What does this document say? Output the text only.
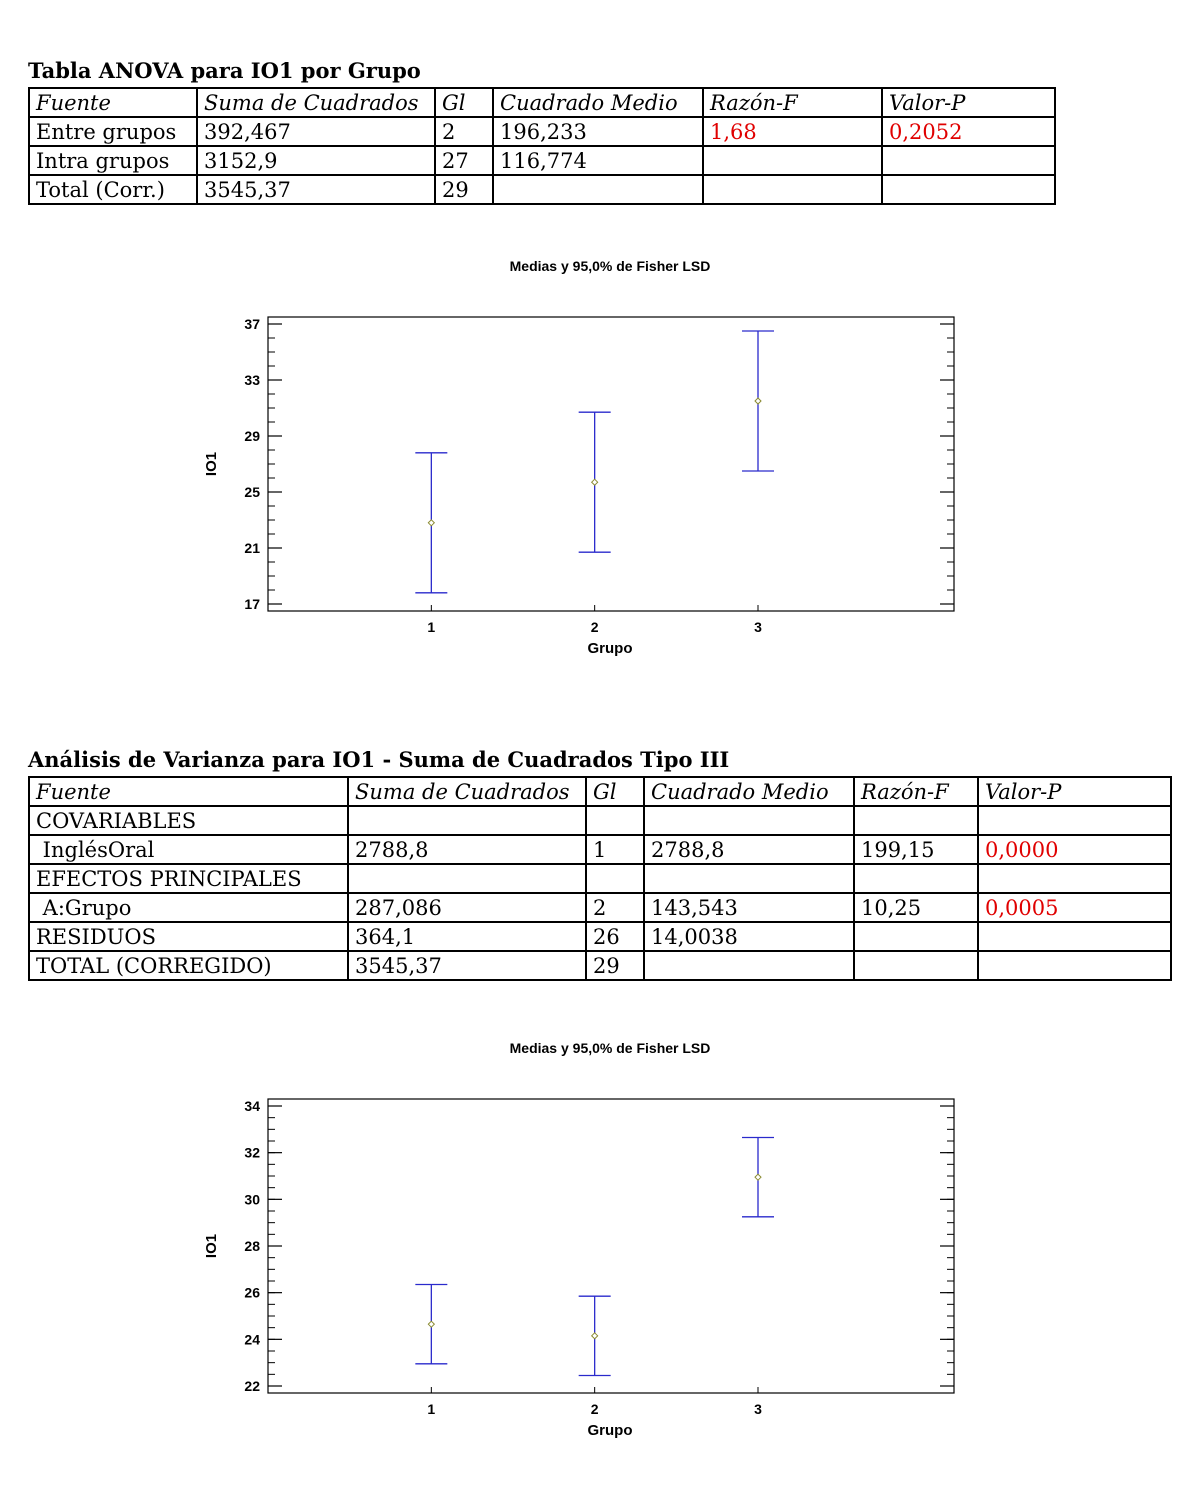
Tabla ANOVA para IO1 por Grupo
Fuente	Suma de Cuadrados	Gl	Cuadrado Medio	Razón-F	Valor-P
Entre grupos	392,467	2	196,233	1,68	0,2052
Intra grupos	3152,9	27	116,774		
Total (Corr.)	3545,37	29			
Medias y 95,0% de Fisher LSD
17
21
25
29
33
37
1	2	3
Grupo
IO1
Análisis de Varianza para IO1 - Suma de Cuadrados Tipo III
Fuente	Suma de Cuadrados	Gl	Cuadrado Medio	Razón-F	Valor-P
COVARIABLES					
InglésOral	2788,8	1	2788,8	199,15	0,0000
EFECTOS PRINCIPALES					
A:Grupo	287,086	2	143,543	10,25	0,0005
RESIDUOS	364,1	26	14,0038		
TOTAL (CORREGIDO)	3545,37	29			
Medias y 95,0% de Fisher LSD
22
24
26
28
30
32
34
1	2	3
Grupo
IO1
